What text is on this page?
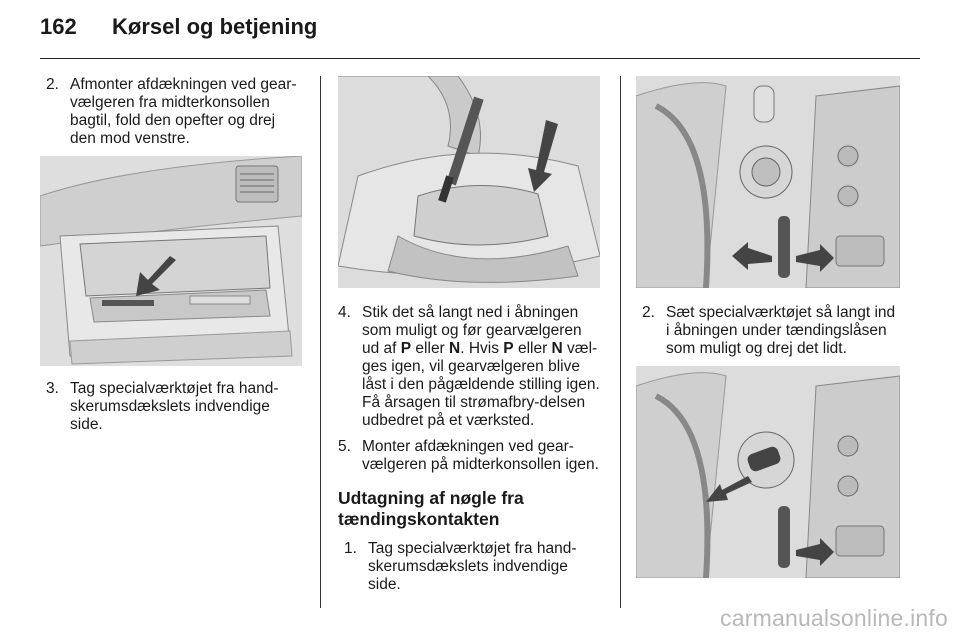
162	Kørsel og betjening
2. Afmonter afdækningen ved gear-vælgeren fra midterkonsollen bagtil, fold den opefter og drej den mod venstre.
3. Tag specialværktøjet fra hand-skerumsdækslets indvendige side.
4. Stik det så langt ned i åbningen som muligt og før gearvælgeren ud af P eller N. Hvis P eller N væl-ges igen, vil gearvælgeren blive låst i den pågældende stilling igen. Få årsagen til strømafbry-delsen udbedret på et værksted.
5. Monter afdækningen ved gear-vælgeren på midterkonsollen igen.
Udtagning af nøgle fra tændingskontakten
1. Tag specialværktøjet fra hand-skerumsdækslets indvendige side.
2. Sæt specialværktøjet så langt ind i åbningen under tændingslåsen som muligt og drej det lidt.
carmanualsonline.info
